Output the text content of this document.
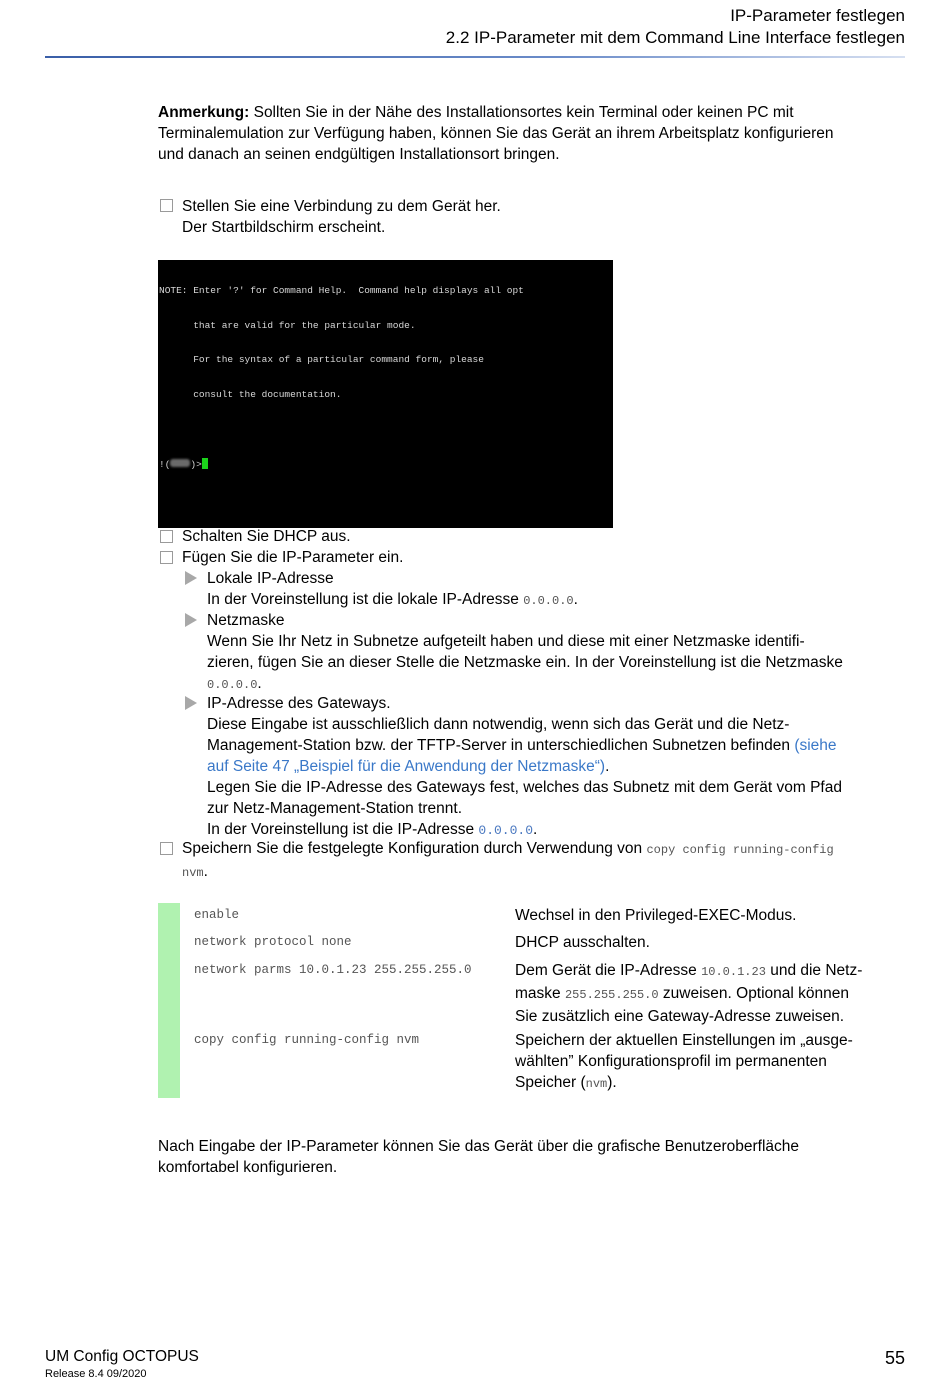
IP-Parameter festlegen
2.2 IP-Parameter mit dem Command Line Interface festlegen
Anmerkung: Sollten Sie in der Nähe des Installationsortes kein Terminal oder keinen PC mit
Terminalemulation zur Verfügung haben, können Sie das Gerät an ihrem Arbeitsplatz konfigurieren
und danach an seinen endgültigen Installationsort bringen.
Stellen Sie eine Verbindung zu dem Gerät her.
Der Startbildschirm erscheint.

NOTE: Enter '?' for Command Help.  Command help displays all opt

that are valid for the particular mode.

For the syntax of a particular command form, please

consult the documentation.

!( )>

Schalten Sie DHCP aus.
Fügen Sie die IP-Parameter ein.
Lokale IP-Adresse
In der Voreinstellung ist die lokale IP-Adresse 0.0.0.0.
Netzmaske
Wenn Sie Ihr Netz in Subnetze aufgeteilt haben und diese mit einer Netzmaske identifi-
zieren, fügen Sie an dieser Stelle die Netzmaske ein. In der Voreinstellung ist die Netzmaske
0.0.0.0.
IP-Adresse des Gateways.
Diese Eingabe ist ausschließlich dann notwendig, wenn sich das Gerät und die Netz-
Management-Station bzw. der TFTP-Server in unterschiedlichen Subnetzen befinden (siehe
auf Seite 47 „Beispiel für die Anwendung der Netzmaske“).
Legen Sie die IP-Adresse des Gateways fest, welches das Subnetz mit dem Gerät vom Pfad
zur Netz-Management-Station trennt.
In der Voreinstellung ist die IP-Adresse 0.0.0.0.
Speichern Sie die festgelegte Konfiguration durch Verwendung von copy config running-config
nvm.
enable	Wechsel in den Privileged-EXEC-Modus.
network protocol none	DHCP ausschalten.
network parms 10.0.1.23 255.255.255.0	Dem Gerät die IP-Adresse 10.0.1.23 und die Netz-
maske 255.255.255.0 zuweisen. Optional können
Sie zusätzlich eine Gateway-Adresse zuweisen.
copy config running-config nvm	Speichern der aktuellen Einstellungen im „ausge-
wählten” Konfigurationsprofil im permanenten
Speicher (nvm).
Nach Eingabe der IP-Parameter können Sie das Gerät über die grafische Benutzeroberfläche
komfortabel konfigurieren.
UM Config OCTOPUS
Release 8.4 09/2020
55
